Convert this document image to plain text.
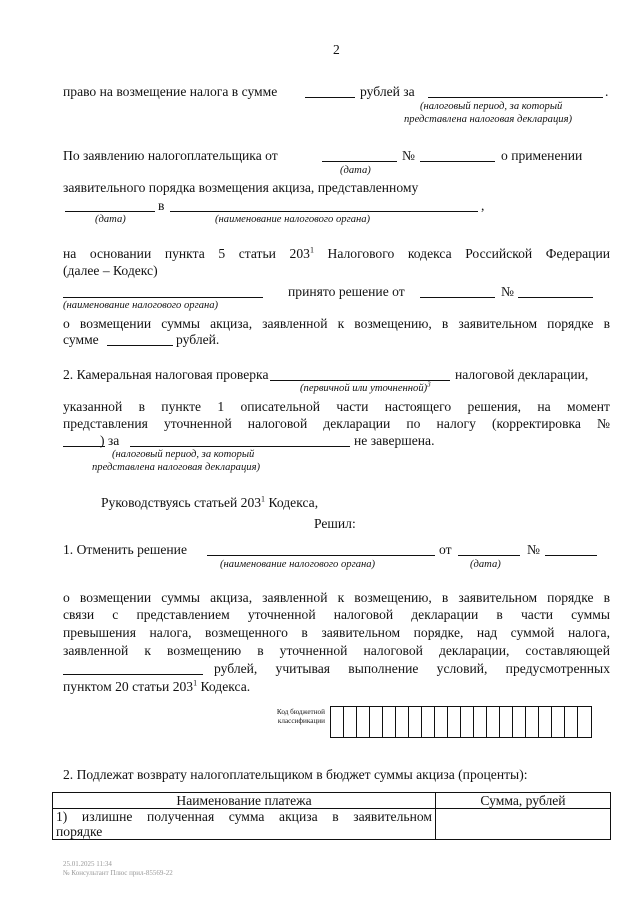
2
право на возмещение налога в сумме	рублей за	.
(налоговый период, за который
представлена налоговая декларация)
По заявлению налогоплательщика от	№	о применении
(дата)
заявительного порядка возмещения акциза, представленному
в	,
(дата)	(наименование налогового органа)
на основании пункта 5 статьи $203^1$ Налогового кодекса Российской Федерации
(далее – Кодекс)
принято решение от	№
(наименование налогового органа)
о возмещении суммы акциза, заявленной к возмещению, в заявительном порядке в
сумме	рублей.
2. Камеральная налоговая проверка	налоговой декларации,
(первичной или уточненной)$^3$
указанной в пункте 1 описательной части настоящего решения, на момент
представления уточненной налоговой декларации по налогу (корректировка №
) за	не завершена.
(налоговый период, за который
представлена налоговая декларация)
Руководствуясь статьей $203^1$ Кодекса,
Решил:
1. Отменить решение	от	№
(наименование налогового органа)	(дата)
о возмещении суммы акциза, заявленной к возмещению, в заявительном порядке в
связи с представлением уточненной налоговой декларации в части суммы
превышения налога, возмещенного в заявительном порядке, над суммой налога,
заявленной к возмещению в уточненной налоговой декларации, составляющей
рублей, учитывая выполнение условий, предусмотренных
пунктом 20 статьи $203^1$ Кодекса.
Код бюджетной
классификации
2. Подлежат возврату налогоплательщиком в бюджет суммы акциза (проценты):
Наименование платежа	Сумма, рублей

1) излишне полученная сумма акциза в заявительном
порядке	

25.01.2025 11:34
№ Консультант Плюс прил-85569-22
